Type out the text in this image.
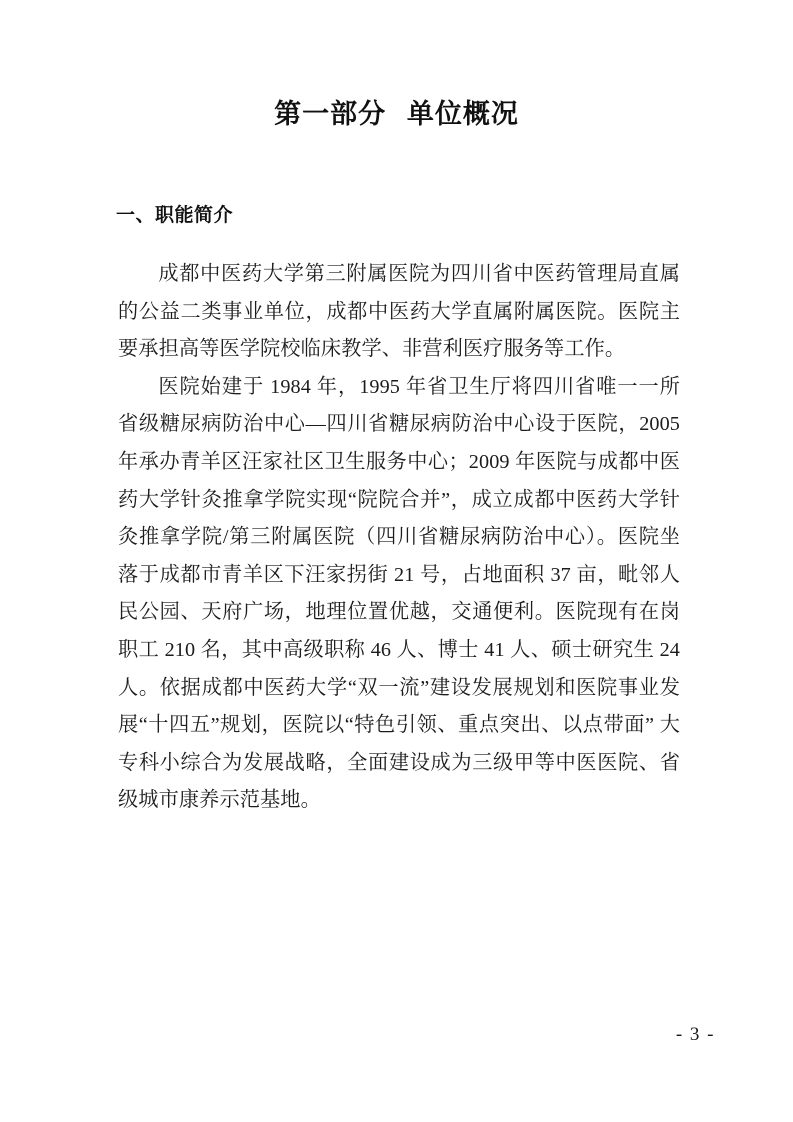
第一部分  单位概况
一、职能简介

成都中医药大学第三附属医院为四川省中医药管理局直属的公益二类事业单位，成都中医药大学直属附属医院。医院主要承担高等医学院校临床教学、非营利医疗服务等工作。

医院始建于 1984 年，1995 年省卫生厅将四川省唯一一所省级糖尿病防治中心—四川省糖尿病防治中心设于医院，2005 年承办青羊区汪家社区卫生服务中心；2009 年医院与成都中医药大学针灸推拿学院实现“院院合并”，成立成都中医药大学针灸推拿学院/第三附属医院（四川省糖尿病防治中心）。医院坐落于成都市青羊区下汪家拐街 21 号，占地面积 37 亩，毗邻人民公园、天府广场，地理位置优越，交通便利。医院现有在岗职工 210 名，其中高级职称 46 人、博士 41 人、硕士研究生 24 人。依据成都中医药大学“双一流”建设发展规划和医院事业发展“十四五”规划，医院以“特色引领、重点突出、以点带面” 大专科小综合为发展战略，全面建设成为三级甲等中医医院、省级城市康养示范基地。

- 3 -
